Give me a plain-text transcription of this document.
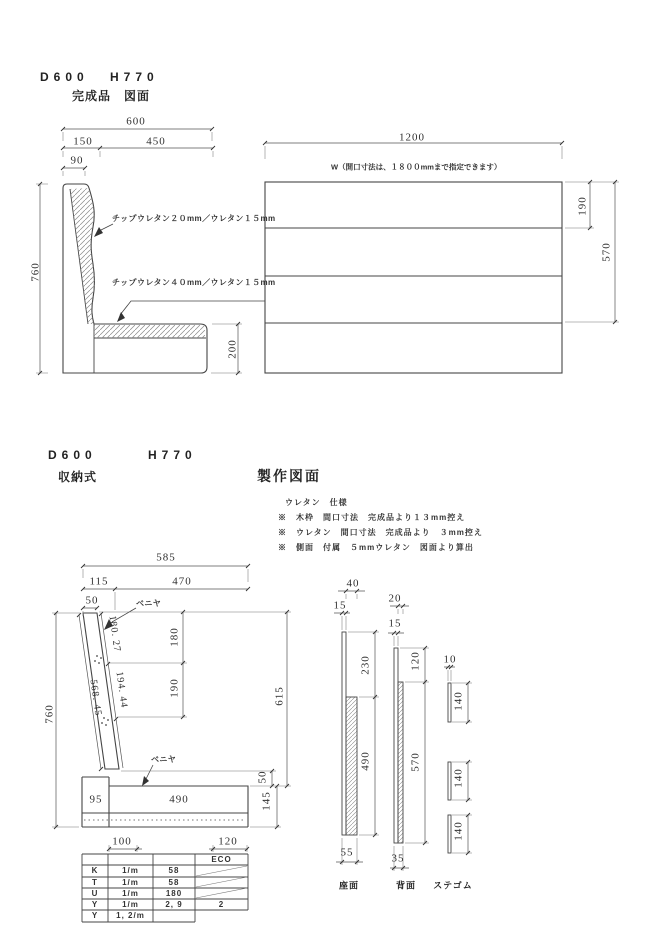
D600 H770
完成品　図面
600
150	450
90
760
200
チップウレタン２０mm／ウレタン１５mm
チップウレタン４０mm／ウレタン１５mm
1200
W（開口寸法は、１８００mmまで指定できます）
190
570
D600	H770
収納式	製作図面
ウレタン　仕様
※　木枠　間口寸法　完成品より１３mm控え
※　ウレタン　間口寸法　完成品より　３mm控え
※　側面　付属　５mmウレタン　図面より算出
585
115	470
50	ベニヤ
ベニヤ
568. 45
760
180. 27
194. 44
180
190	615
50
145
95	490
100	120
40
15
230
490
55
20
15
120
570
35
10
140
140
140
座面	背面 ステゴム
ECO
K	1/m	58
T	1/m	58
U	1/m	180
Y	1/m	2, 9	2
Y 1, 2/m
